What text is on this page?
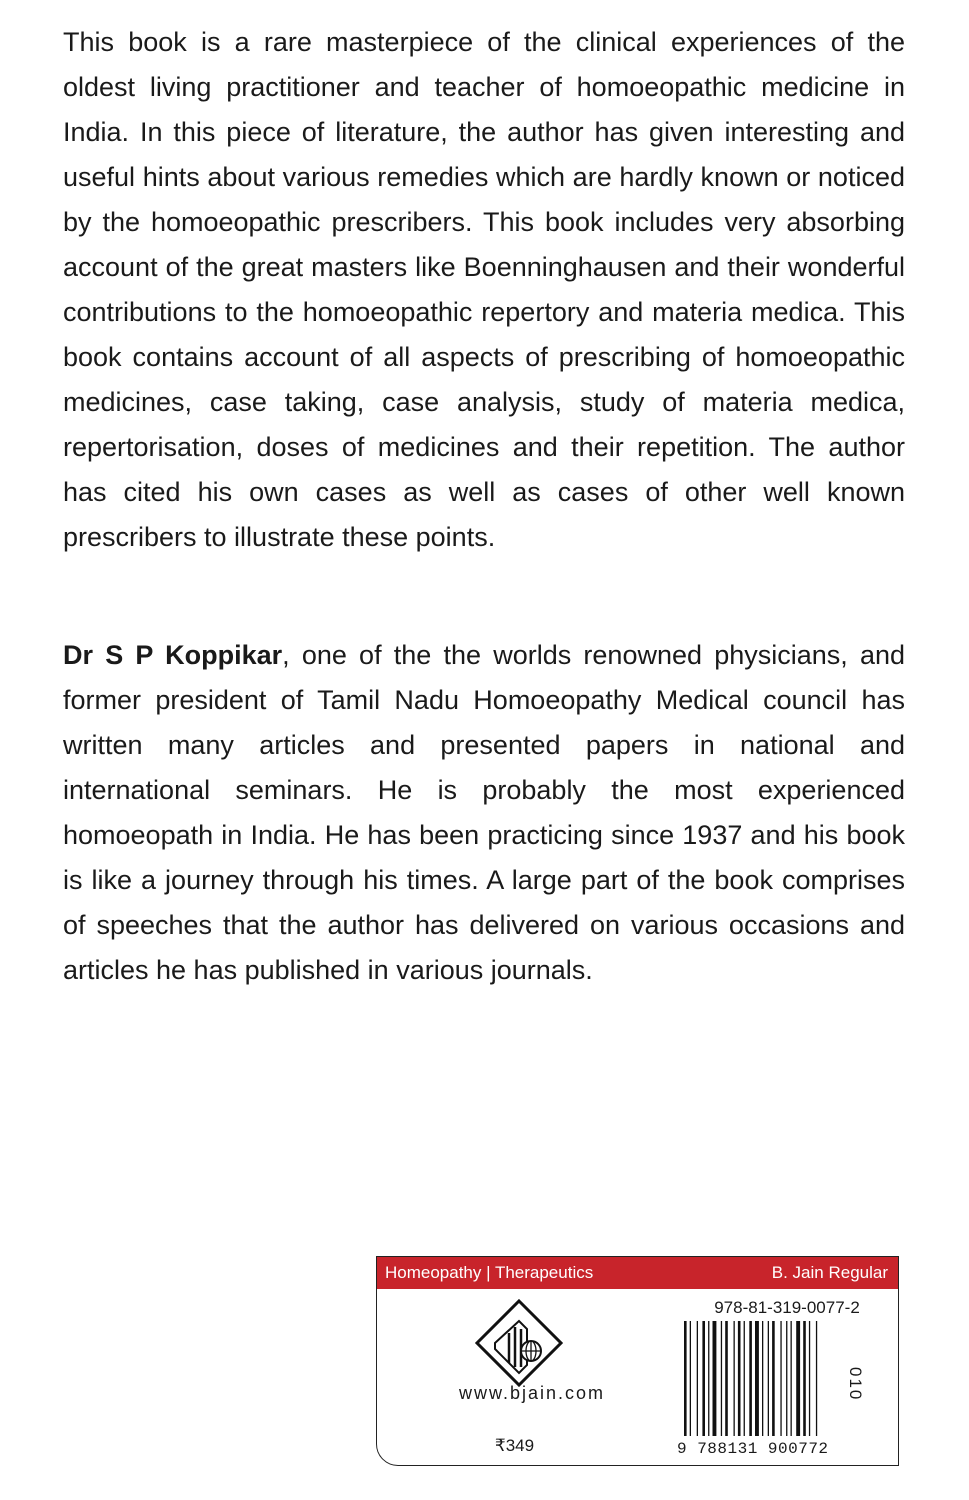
This book is a rare masterpiece of the clinical experiences of the oldest living practitioner and teacher of homoeopathic medicine in India. In this piece of literature, the author has given interesting and useful hints about various remedies which are hardly known or noticed by the homoeopathic prescribers. This book includes very absorbing account of the great masters like Boenninghausen and their wonderful contributions to the homoeopathic repertory and materia medica. This book contains account of all aspects of prescribing of homoeopathic medicines, case taking, case analysis, study of materia medica, repertorisation, doses of medicines and their repetition. The author has cited his own cases as well as cases of other well known prescribers to illustrate these points.

Dr S P Koppikar, one of the the worlds renowned physicians, and former president of Tamil Nadu Homoeopathy Medical council has written many articles and presented papers in national and international seminars. He is probably the most experienced homoeopath in India. He has been practicing since 1937 and his book is like a journey through his times. A large part of the book comprises of speeches that the author has delivered on various occasions and articles he has published in various journals.

Homeopathy | Therapeutics	B. Jain Regular
www.bjain.com
₹349
978-81-319-0077-2
9 788131 900772
010
